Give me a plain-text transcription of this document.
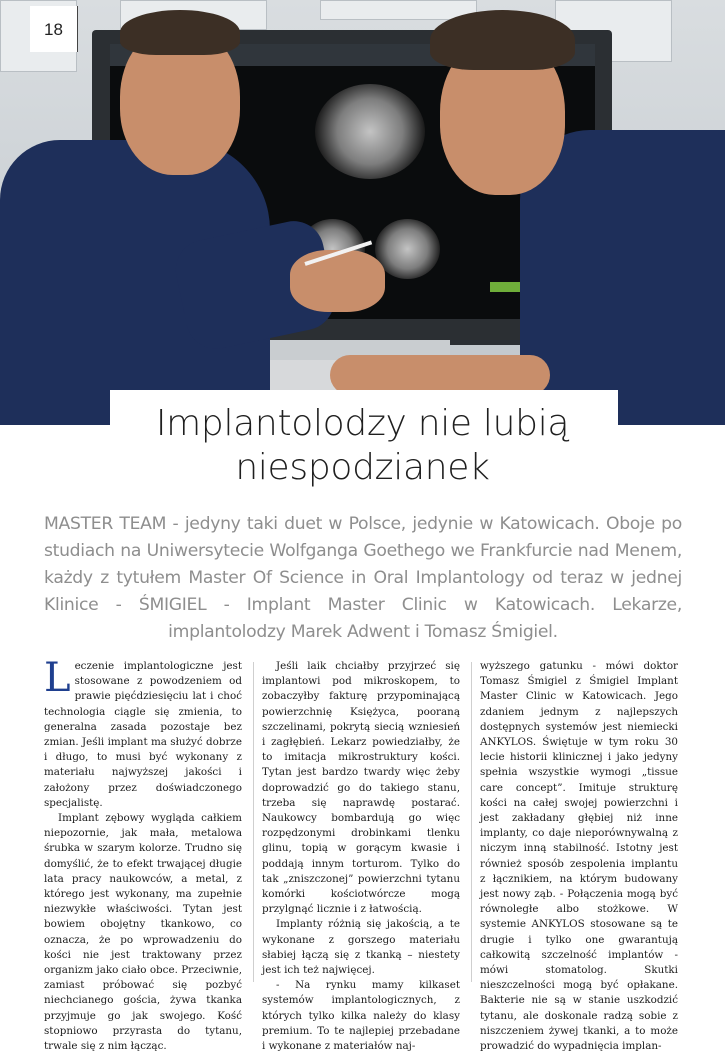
18
Implantolodzy nie lubią
niespodzianek

MASTER TEAM - jedyny taki duet w Polsce, jedynie w Katowicach. Oboje po studiach na Uniwersytecie Wolfganga Goethego we Frankfurcie nad Menem, każdy z tytułem Master Of Science in Oral Implantology od teraz w jednej Klinice - ŚMIGIEL - Implant Master Clinic w Katowicach. Lekarze, implantolodzy Marek Adwent i Tomasz Śmigiel.

Leczenie implantologiczne jest stosowane z powodzeniem od prawie pięćdziesięciu lat i choć technologia ciągle się zmienia, to generalna zasada pozostaje bez zmian. Jeśli implant ma służyć dobrze i długo, to musi być wykonany z materiału najwyższej jakości i założony przez doświadczonego specjalistę.

Implant zębowy wygląda całkiem niepozornie, jak mała, metalowa śrubka w szarym kolorze. Trudno się domyślić, że to efekt trwającej długie lata pracy naukowców, a metal, z którego jest wykonany, ma zupełnie niezwykłe właściwości. Tytan jest bowiem obojętny tkankowo, co oznacza, że po wprowadzeniu do kości nie jest traktowany przez organizm jako ciało obce. Przeciwnie, zamiast próbować się pozbyć niechcianego gościa, żywa tkanka przyjmuje go jak swojego. Kość stopniowo przyrasta do tytanu, trwale się z nim łącząc.

Jeśli laik chciałby przyjrzeć się implantowi pod mikroskopem, to zobaczyłby fakturę przypominającą powierzchnię Księżyca, pooraną szczelinami, pokrytą siecią wzniesień i zagłębień. Lekarz powiedziałby, że to imitacja mikrostruktury kości. Tytan jest bardzo twardy więc żeby doprowadzić go do takiego stanu, trzeba się naprawdę postarać. Naukowcy bombardują go więc rozpędzonymi drobinkami tlenku glinu, topią w gorącym kwasie i poddają innym torturom. Tylko do tak „zniszczonej” powierzchni tytanu komórki kościotwórcze mogą przylgnąć licznie i z łatwością.

Implanty różnią się jakością, a te wykonane z gorszego materiału słabiej łączą się z tkanką – niestety jest ich też najwięcej.

- Na rynku mamy kilkaset systemów implantologicznych, z których tylko kilka należy do klasy premium. To te najlepiej przebadane i wykonane z materiałów naj-

wyższego gatunku - mówi doktor Tomasz Śmigiel z Śmigiel Implant Master Clinic w Katowicach. Jego zdaniem jednym z najlepszych dostępnych systemów jest niemiecki ANKYLOS. Świętuje w tym roku 30 lecie historii klinicznej i jako jedyny spełnia wszystkie wymogi „tissue care concept”. Imituje strukturę kości na całej swojej powierzchni i jest zakładany głębiej niż inne implanty, co daje nieporównywalną z niczym inną stabilność. Istotny jest również sposób zespolenia implantu z łącznikiem, na którym budowany jest nowy ząb. - Połączenia mogą być równoległe albo stożkowe. W systemie ANKYLOS stosowane są te drugie i tylko one gwarantują całkowitą szczelność implantów - mówi stomatolog. Skutki nieszczelności mogą być opłakane. Bakterie nie są w stanie uszkodzić tytanu, ale doskonale radzą sobie z niszczeniem żywej tkanki, a to może prowadzić do wypadnięcia implan-
